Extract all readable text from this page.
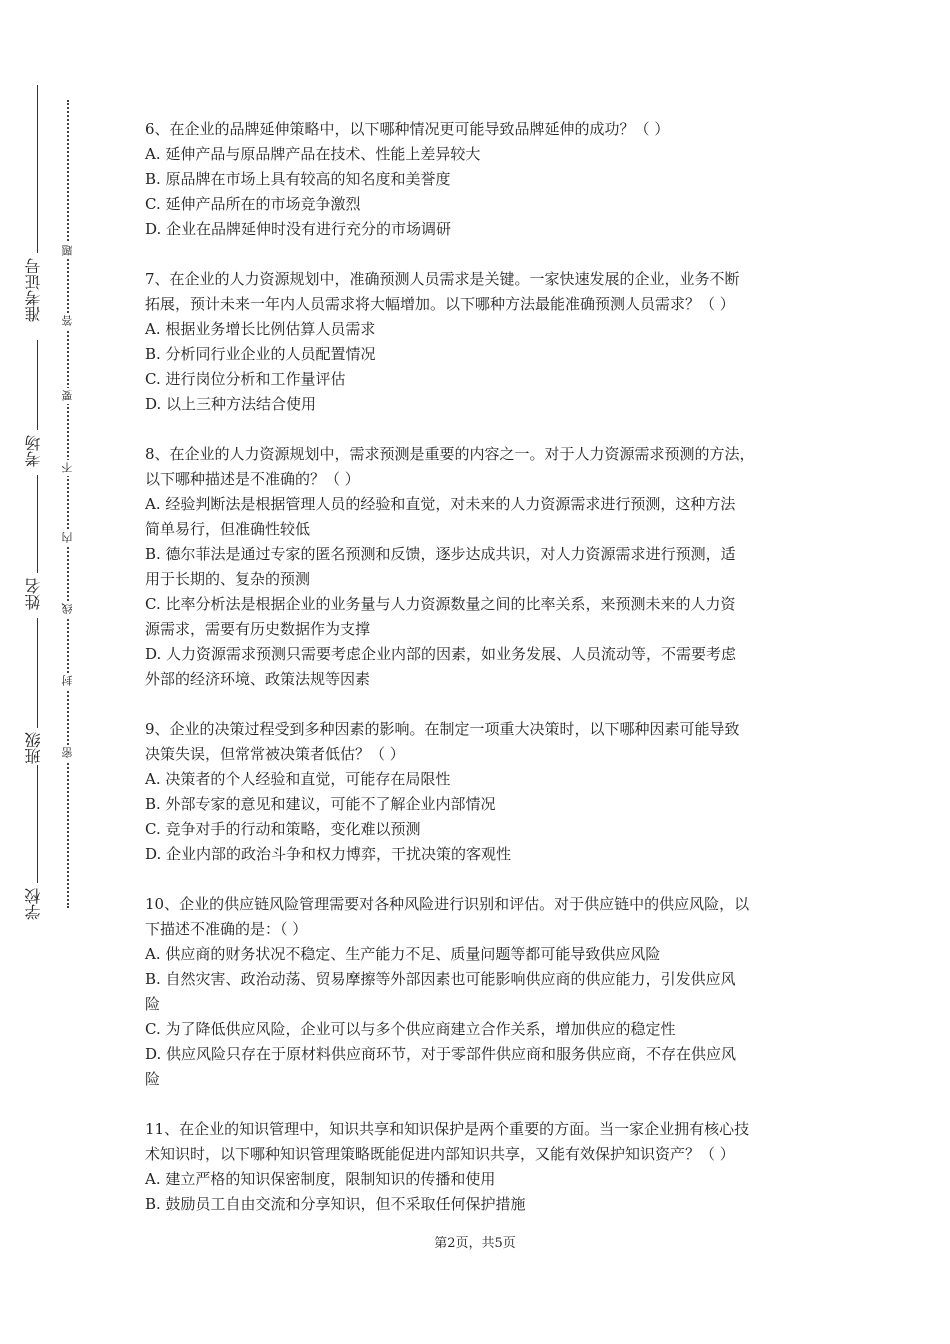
准考证号
考场
姓名
班级
学校
题
答
要
不
内
线
封
密

6、在企业的品牌延伸策略中，以下哪种情况更可能导致品牌延伸的成功？（ ）

A. 延伸产品与原品牌产品在技术、性能上差异较大

B. 原品牌在市场上具有较高的知名度和美誉度

C. 延伸产品所在的市场竞争激烈

D. 企业在品牌延伸时没有进行充分的市场调研

7、在企业的人力资源规划中，准确预测人员需求是关键。一家快速发展的企业，业务不断

拓展，预计未来一年内人员需求将大幅增加。以下哪种方法最能准确预测人员需求？（ ）

A. 根据业务增长比例估算人员需求

B. 分析同行业企业的人员配置情况

C. 进行岗位分析和工作量评估

D. 以上三种方法结合使用

8、在企业的人力资源规划中，需求预测是重要的内容之一。对于人力资源需求预测的方法，

以下哪种描述是不准确的？（ ）

A. 经验判断法是根据管理人员的经验和直觉，对未来的人力资源需求进行预测，这种方法

简单易行，但准确性较低

B. 德尔菲法是通过专家的匿名预测和反馈，逐步达成共识，对人力资源需求进行预测，适

用于长期的、复杂的预测

C. 比率分析法是根据企业的业务量与人力资源数量之间的比率关系，来预测未来的人力资

源需求，需要有历史数据作为支撑

D. 人力资源需求预测只需要考虑企业内部的因素，如业务发展、人员流动等，不需要考虑

外部的经济环境、政策法规等因素

9、企业的决策过程受到多种因素的影响。在制定一项重大决策时，以下哪种因素可能导致

决策失误，但常常被决策者低估？（ ）

A. 决策者的个人经验和直觉，可能存在局限性

B. 外部专家的意见和建议，可能不了解企业内部情况

C. 竞争对手的行动和策略，变化难以预测

D. 企业内部的政治斗争和权力博弈，干扰决策的客观性

10、企业的供应链风险管理需要对各种风险进行识别和评估。对于供应链中的供应风险，以

下描述不准确的是：（ ）

A. 供应商的财务状况不稳定、生产能力不足、质量问题等都可能导致供应风险

B. 自然灾害、政治动荡、贸易摩擦等外部因素也可能影响供应商的供应能力，引发供应风

险

C. 为了降低供应风险，企业可以与多个供应商建立合作关系，增加供应的稳定性

D. 供应风险只存在于原材料供应商环节，对于零部件供应商和服务供应商，不存在供应风

险

11、在企业的知识管理中，知识共享和知识保护是两个重要的方面。当一家企业拥有核心技

术知识时，以下哪种知识管理策略既能促进内部知识共享，又能有效保护知识资产？（ ）

A. 建立严格的知识保密制度，限制知识的传播和使用

B. 鼓励员工自由交流和分享知识，但不采取任何保护措施

第2页，共5页
